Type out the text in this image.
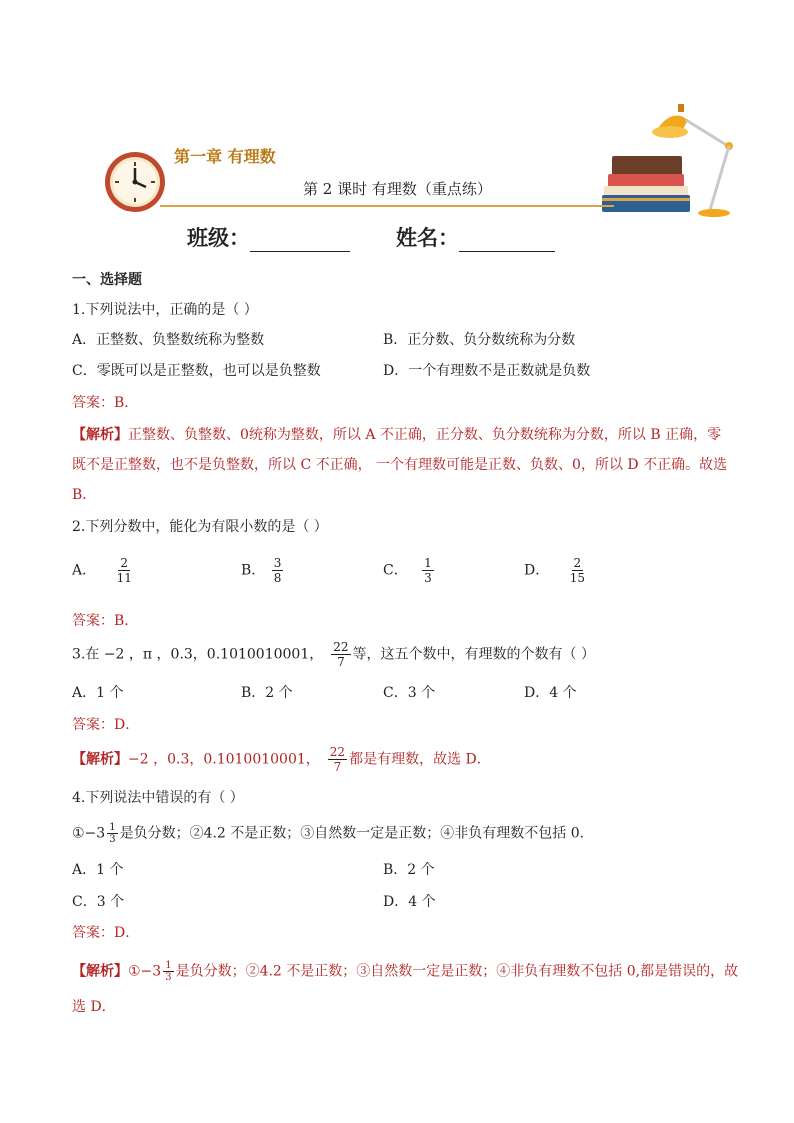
第一章 有理数
第 2 课时 有理数（重点练）
班级：	姓名：
一、选择题
1.下列说法中，正确的是（ ）
A．正整数、负整数统称为整数	B．正分数、负分数统称为分数
C．零既可以是正整数，也可以是负整数	D．一个有理数不是正数就是负数
答案：B．
【解析】正整数、负整数、0统称为整数，所以 A 不正确，正分数、负分数统称为分数，所以 B 正确，零
既不是正整数，也不是负整数，所以 C 不正确， 一个有理数可能是正数、负数、0，所以 D 不正确。故选
B．
2.下列分数中，能化为有限小数的是（ ）
A． $\frac{2}{11}$	B． $\frac{3}{8}$	C． $\frac{1}{3}$	D． $\frac{2}{15}$
答案：B．
3.在 −2 ，π ，0.3，0.1010010001， $\frac{22}{7}$ 等，这五个数中，有理数的个数有（ ）
A．1 个	B．2 个	C．3 个	D．4 个
答案：D．
【解析】−2 ，0.3，0.1010010001， $\frac{22}{7}$ 都是有理数，故选 D．
4.下列说法中错误的有（ ）
①−3 $\frac{1}{3}$ 是负分数；②4.2 不是正数；③自然数一定是正数；④非负有理数不包括 0.
A．1 个	B．2 个
C．3 个	D．4 个
答案：D．
【解析】①−3 $\frac{1}{3}$ 是负分数；②4.2 不是正数；③自然数一定是正数；④非负有理数不包括 0,都是错误的，故
选 D．
